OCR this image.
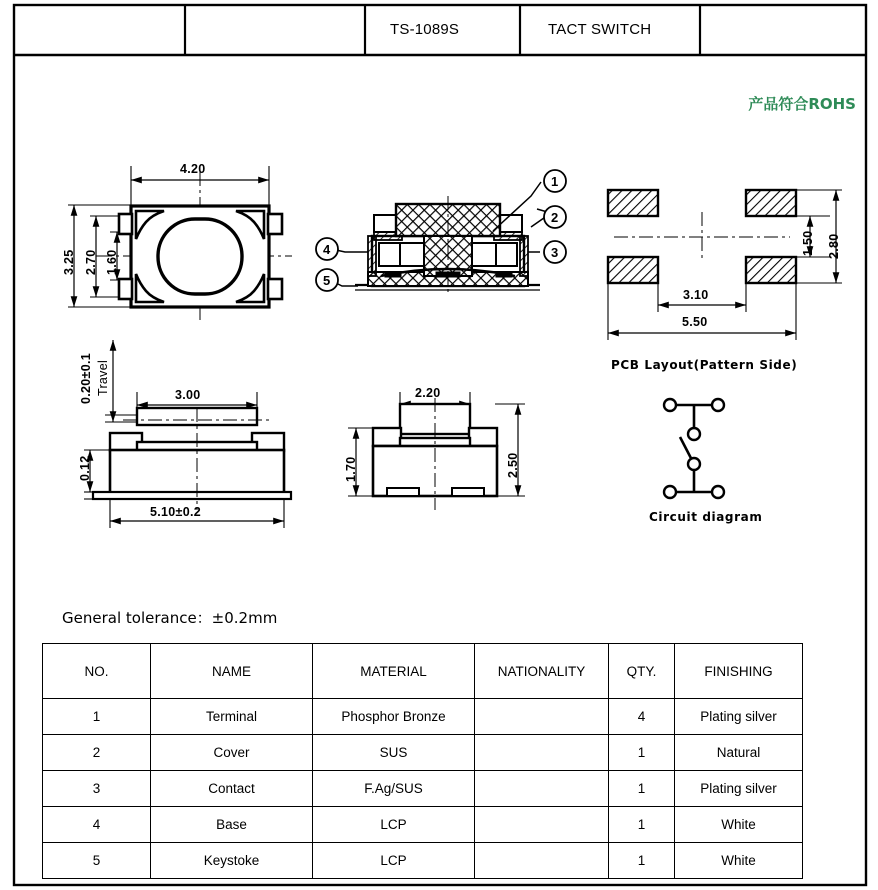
TS-1089S	TACT SWITCH
产品符合ROHS
4.20
3.25 2.70 1.60
1
2
3
4
5
1.50 2.80
3.10
5.50
PCB Layout(Pattern Side)
0.20±0.1 Travel	3.00
0.12
5.10±0.2
2.20
1.70	2.50
Circuit diagram
General tolerance：±0.2mm
NO.	NAME	MATERIAL	NATIONALITY	QTY.	FINISHING
1	Terminal	Phosphor Bronze		4	Plating silver
2	Cover	SUS		1	Natural
3	Contact	F.Ag/SUS		1	Plating silver
4	Base	LCP		1	White
5	Keystoke	LCP		1	White
